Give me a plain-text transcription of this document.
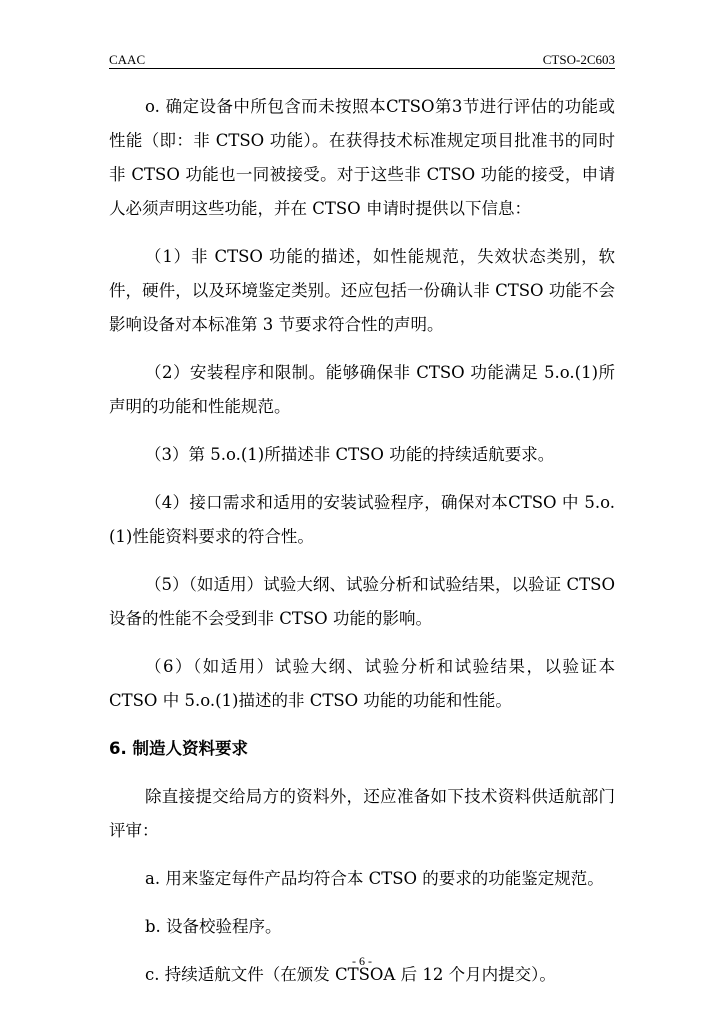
CAAC	CTSO-2C603

o. 确定设备中所包含而未按照本CTSO第3节进行评估的功能或性能（即：非 CTSO 功能）。在获得技术标准规定项目批准书的同时非 CTSO 功能也一同被接受。对于这些非 CTSO 功能的接受，申请人必须声明这些功能，并在 CTSO 申请时提供以下信息：

（1）非 CTSO 功能的描述，如性能规范，失效状态类别，软件，硬件，以及环境鉴定类别。还应包括一份确认非 CTSO 功能不会影响设备对本标准第 3 节要求符合性的声明。

（2）安装程序和限制。能够确保非 CTSO 功能满足 5.o.(1)所声明的功能和性能规范。

（3）第 5.o.(1)所描述非 CTSO 功能的持续适航要求。

（4）接口需求和适用的安装试验程序，确保对本CTSO 中 5.o.(1)性能资料要求的符合性。

（5）（如适用）试验大纲、试验分析和试验结果，以验证 CTSO设备的性能不会受到非 CTSO 功能的影响。

（6）（如适用）试验大纲、试验分析和试验结果，以验证本CTSO 中 5.o.(1)描述的非 CTSO 功能的功能和性能。

6. 制造人资料要求

除直接提交给局方的资料外，还应准备如下技术资料供适航部门评审：

a. 用来鉴定每件产品均符合本 CTSO 的要求的功能鉴定规范。

b. 设备校验程序。

c. 持续适航文件（在颁发 CTSOA 后 12 个月内提交）。

- 6 -
